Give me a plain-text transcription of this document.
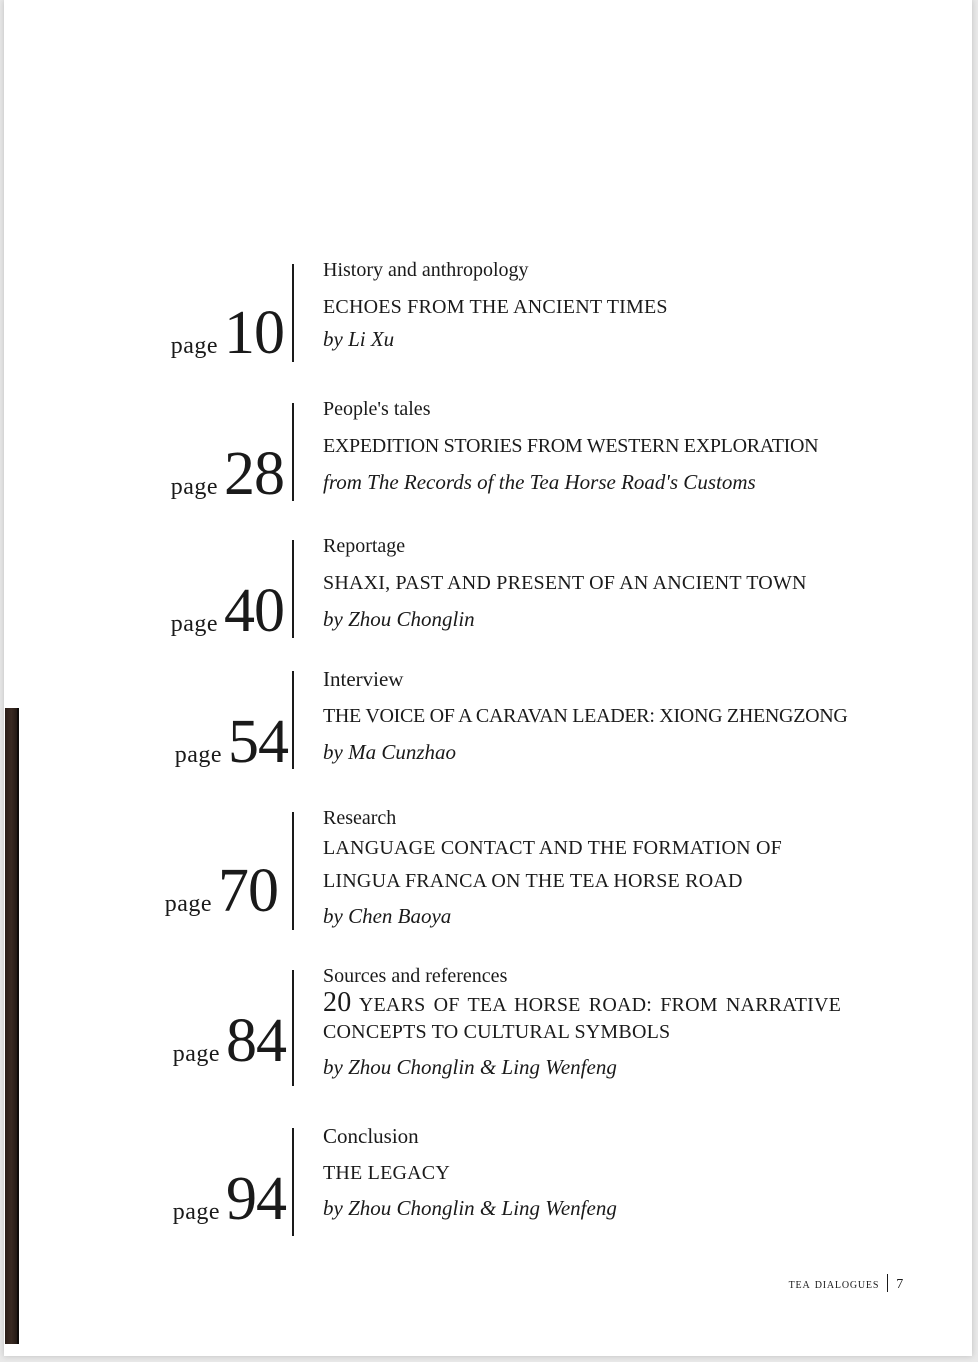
page10
History and anthropology
ECHOES FROM THE ANCIENT TIMES
by Li Xu
page28
People's tales
EXPEDITION STORIES FROM WESTERN EXPLORATION
from The Records of the Tea Horse Road's Customs
page40
Reportage
SHAXI, PAST AND PRESENT OF AN ANCIENT TOWN
by Zhou Chonglin
page54
Interview
THE VOICE OF A CARAVAN LEADER: XIONG ZHENGZONG
by Ma Cunzhao
page70
Research
LANGUAGE CONTACT AND THE FORMATION OF
LINGUA FRANCA ON THE TEA HORSE ROAD
by Chen Baoya
page84
Sources and references
20 YEARS OF TEA HORSE ROAD: FROM NARRATIVE
CONCEPTS TO CULTURAL SYMBOLS
by Zhou Chonglin & Ling Wenfeng
page94
Conclusion
THE LEGACY
by Zhou Chonglin & Ling Wenfeng
tea dialogues 7
